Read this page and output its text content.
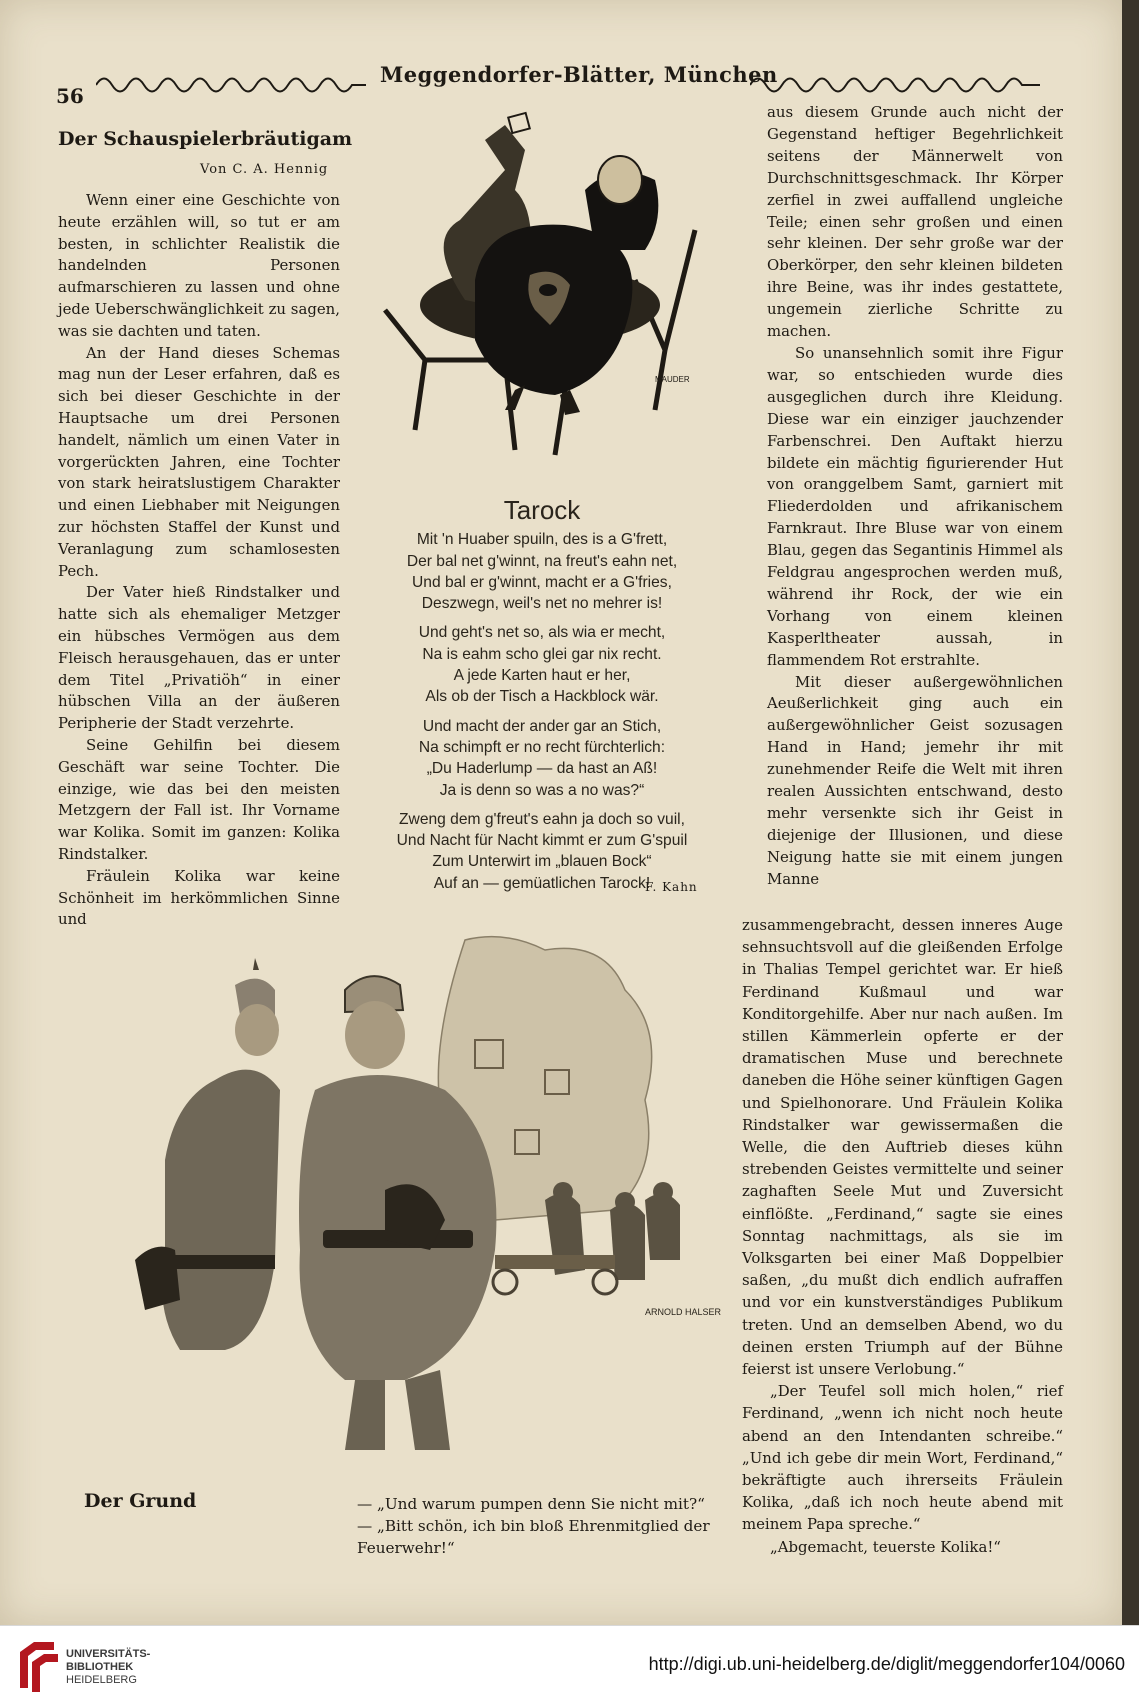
56
Meggendorfer-Blätter, München
Der Schauspielerbräutigam
Von C. A. Hennig

Wenn einer eine Geschichte von heute erzählen will, so tut er am besten, in schlichter Realistik die handelnden Personen aufmarschieren zu lassen und ohne jede Ueberschwänglichkeit zu sagen, was sie dachten und taten.

An der Hand dieses Schemas mag nun der Leser erfahren, daß es sich bei dieser Geschichte in der Hauptsache um drei Personen handelt, nämlich um einen Vater in vorgerückten Jahren, eine Tochter von stark heiratslustigem Charakter und einen Liebhaber mit Neigungen zur höchsten Staffel der Kunst und Veranlagung zum schamlosesten Pech.

Der Vater hieß Rindstalker und hatte sich als ehemaliger Metzger ein hübsches Vermögen aus dem Fleisch herausgehauen, das er unter dem Titel „Privatiöh“ in einer hübschen Villa an der äußeren Peripherie der Stadt verzehrte.

Seine Gehilfin bei diesem Geschäft war seine Tochter. Die einzige, wie das bei den meisten Metzgern der Fall ist. Ihr Vorname war Kolika. Somit im ganzen: Kolika Rindstalker.

Fräulein Kolika war keine Schönheit im herkömmlichen Sinne und

aus diesem Grunde auch nicht der Gegenstand heftiger Begehrlichkeit seitens der Männerwelt von Durchschnittsgeschmack. Ihr Körper zerfiel in zwei auffallend ungleiche Teile; einen sehr großen und einen sehr kleinen. Der sehr große war der Oberkörper, den sehr kleinen bildeten ihre Beine, was ihr indes gestattete, ungemein zierliche Schritte zu machen.

So unansehnlich somit ihre Figur war, so entschieden wurde dies ausgeglichen durch ihre Kleidung. Diese war ein einziger jauchzender Farbenschrei. Den Auftakt hierzu bildete ein mächtig figurierender Hut von oranggelbem Samt, garniert mit Fliederdolden und afrikanischem Farnkraut. Ihre Bluse war von einem Blau, gegen das Segantinis Himmel als Feldgrau angesprochen werden muß, während ihr Rock, der wie ein Vorhang von einem kleinen Kasperltheater aussah, in flammendem Rot erstrahlte.

Mit dieser außergewöhnlichen Aeußerlichkeit ging auch ein außergewöhnlicher Geist sozusagen Hand in Hand; jemehr ihr mit zunehmender Reife die Welt mit ihren realen Aussichten entschwand, desto mehr versenkte sich ihr Geist in diejenige der Illusionen, und diese Neigung hatte sie mit einem jungen Manne

zusammengebracht, dessen inneres Auge sehnsuchtsvoll auf die gleißenden Erfolge in Thalias Tempel gerichtet war. Er hieß Ferdinand Kußmaul und war Konditorgehilfe. Aber nur nach außen. Im stillen Kämmerlein opferte er der dramatischen Muse und berechnete daneben die Höhe seiner künftigen Gagen und Spielhonorare. Und Fräulein Kolika Rindstalker war gewissermaßen die Welle, die den Auftrieb dieses kühn strebenden Geistes vermittelte und seiner zaghaften Seele Mut und Zuversicht einflößte. „Ferdinand,“ sagte sie eines Sonntag nachmittags, als sie im Volksgarten bei einer Maß Doppelbier saßen, „du mußt dich endlich aufraffen und vor ein kunstverständiges Publikum treten. Und an demselben Abend, wo du deinen ersten Triumph auf der Bühne feierst ist unsere Verlobung.“

„Der Teufel soll mich holen,“ rief Ferdinand, „wenn ich nicht noch heute abend an den Intendanten schreibe.“ „Und ich gebe dir mein Wort, Ferdinand,“ bekräftigte auch ihrerseits Fräulein Kolika, „daß ich noch heute abend mit meinem Papa spreche.“

„Abgemacht, teuerste Kolika!“

MAUDER
Tarock
Mit 'n Huaber spuiln, des is a G'frett,
Der bal net g'winnt, na freut's eahn net,
Und bal er g'winnt, macht er a G'fries,
Deszwegn, weil's net no mehrer is!
Und geht's net so, als wia er mecht,
Na is eahm scho glei gar nix recht.
A jede Karten haut er her,
Als ob der Tisch a Hackblock wär.
Und macht der ander gar an Stich,
Na schimpft er no recht fürchterlich:
„Du Haderlump — da hast an Aß!
Ja is denn so was a no was?“
Zweng dem g'freut's eahn ja doch so vuil,
Und Nacht für Nacht kimmt er zum G'spuil
Zum Unterwirt im „blauen Bock“
Auf an — gemüatlichen Tarock!
F. Kahn
ARNOLD HALSER
Der Grund	— „Und warum pumpen denn Sie nicht mit?“
— „Bitt schön, ich bin bloß Ehrenmitglied der Feuerwehr!“
UNIVERSITÄTS-
BIBLIOTHEK
HEIDELBERG
http://digi.ub.uni-heidelberg.de/diglit/meggendorfer104/0060
